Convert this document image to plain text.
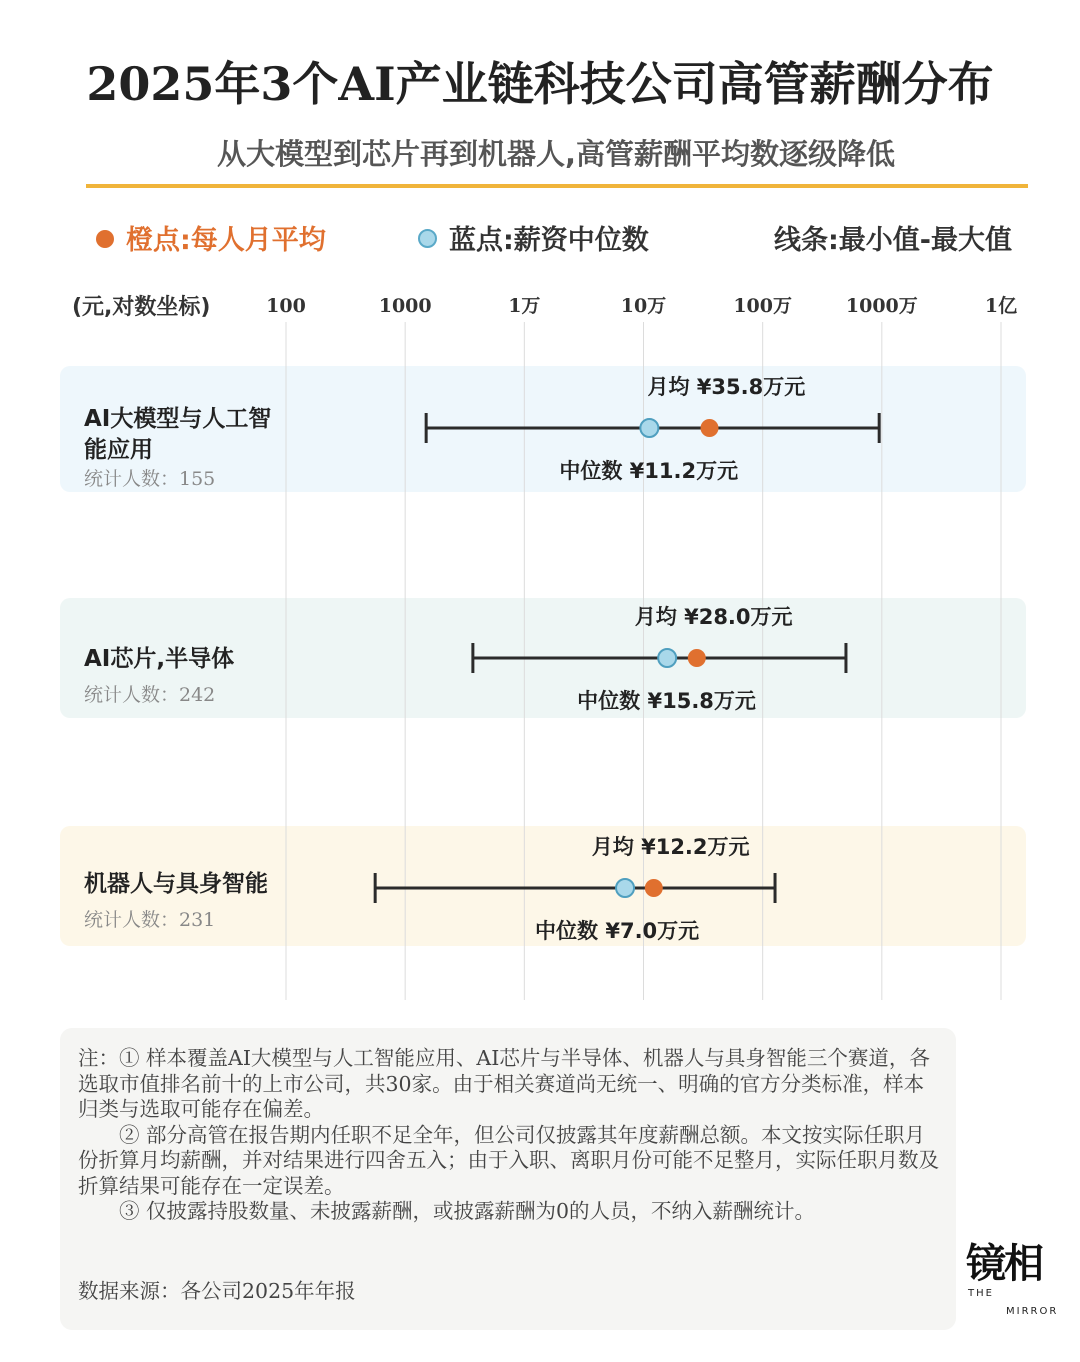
2025年3个AI产业链科技公司高管薪酬分布
从大模型到芯片再到机器人,高管薪酬平均数逐级降低
橙点:每人月平均	蓝点:薪资中位数	线条:最小值-最大值
(元,对数坐标)
AI大模型与人工智能应用
统计人数：155
AI芯片,半导体
统计人数：242
机器人与具身智能
统计人数：231
100	1000	1万	10万	100万	1000万	1亿
月均 ¥35.8万元
中位数 ¥11.2万元
月均 ¥28.0万元
中位数 ¥15.8万元
月均 ¥12.2万元
中位数 ¥7.0万元

注：① 样本覆盖AI大模型与人工智能应用、AI芯片与半导体、机器人与具身智能三个赛道，各选取市值排名前十的上市公司，共30家。由于相关赛道尚无统一、明确的官方分类标准，样本归类与选取可能存在偏差。

② 部分高管在报告期内任职不足全年，但公司仅披露其年度薪酬总额。本文按实际任职月份折算月均薪酬，并对结果进行四舍五入；由于入职、离职月份可能不足整月，实际任职月数及折算结果可能存在一定误差。

③ 仅披露持股数量、未披露薪酬，或披露薪酬为0的人员，不纳入薪酬统计。

数据来源：各公司2025年年报
镜相
THE
MIRROR
